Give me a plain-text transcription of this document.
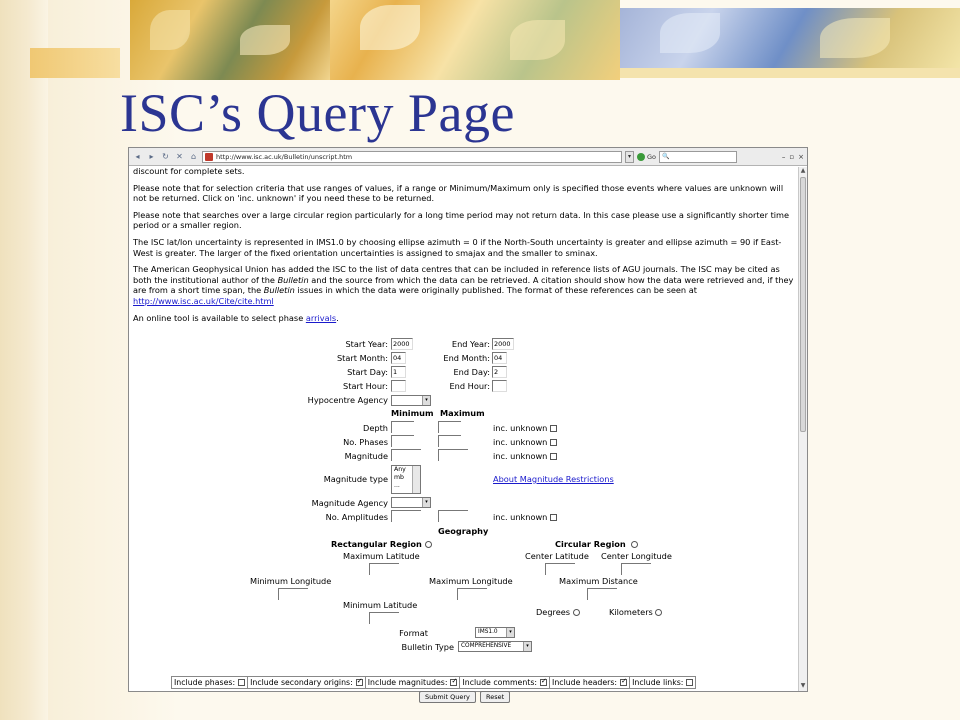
ISC’s Query Page
◂	▸	↻ ✕	⌂	http://www.isc.ac.uk/Bulletin/unscript.htm	▾	Go	🔍	– ▫ ×

discount for complete sets.

Please note that for selection criteria that use ranges of values, if a range or Minimum/Maximum only is specified those events where values are unknown will not be returned. Click on 'inc. unknown' if you need these to be returned.

Please note that searches over a large circular region particularly for a long time period may not return data. In this case please use a significantly shorter time period or a smaller region.

The ISC lat/lon uncertainty is represented in IMS1.0 by choosing ellipse azimuth = 0 if the North-South uncertainty is greater and ellipse azimuth = 90 if East-West is greater. The larger of the fixed orientation uncertainties is assigned to smajax and the smaller to sminax.

The American Geophysical Union has added the ISC to the list of data centres that can be included in reference lists of AGU journals. The ISC may be cited as both the institutional author of the Bulletin and the source from which the data can be retrieved. A citation should show how the data were retrieved and, if they are from a short time span, the Bulletin issues in which the data were originally published. The format of these references can be seen at http://www.isc.ac.uk/Cite/cite.html

An online tool is available to select phase arrivals.

Start Year: 2000	End Year: 2000
Start Month: 04	End Month: 04
Start Day: 1	End Day: 2
Start Hour:	End Hour:
Hypocentre Agency	▾
Minimum Maximum
Depth	inc. unknown
No. Phases	inc. unknown
Magnitude	inc. unknown
Magnitude type
Any
mb
...
About Magnitude Restrictions
Magnitude Agency	▾
No. Amplitudes	inc. unknown
Geography
Rectangular Region	Circular Region
Maximum Latitude	Center Latitude Center Longitude
Minimum Longitude	Maximum Longitude	Maximum Distance
Minimum Latitude
Degrees	Kilometers
Format	IMS1.0	▾
Bulletin Type	COMPREHENSIVE	▾
Include phases: Include secondary origins: ✓ Include magnitudes: ✓ Include comments: ✓ Include headers: ✓ Include links:
Submit Query	Reset
▲
▼
